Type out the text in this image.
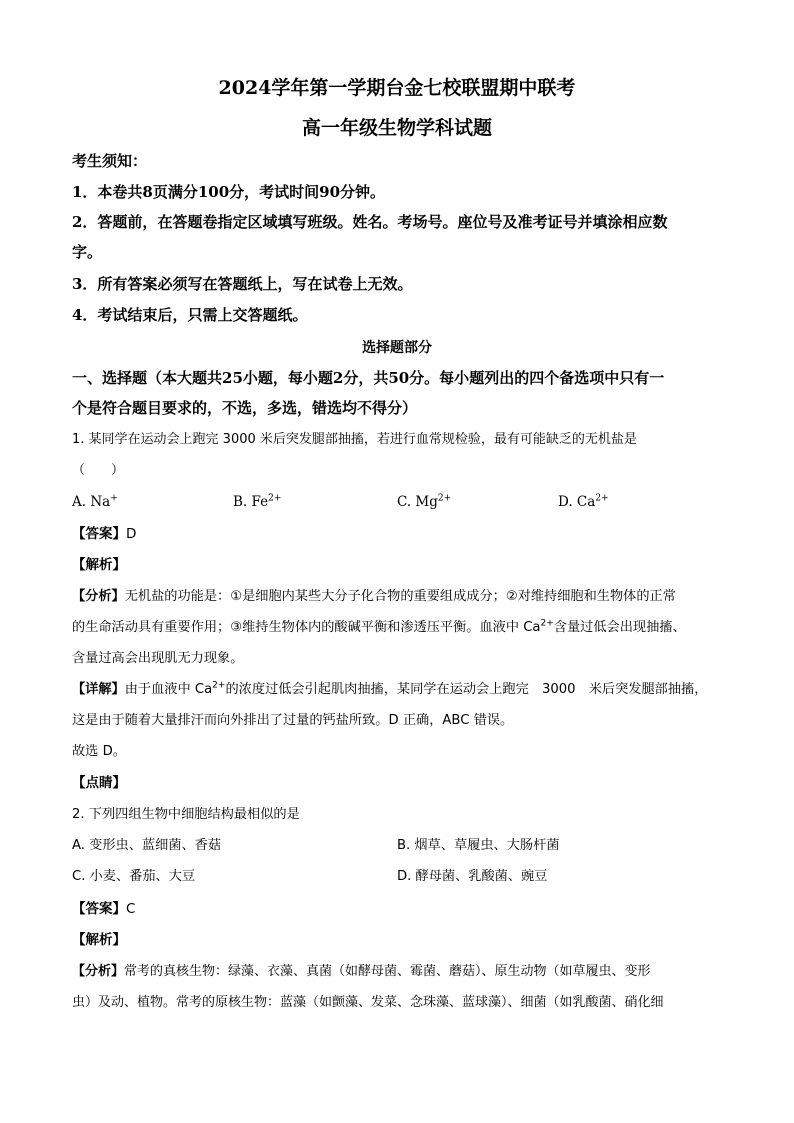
2024学年第一学期台金七校联盟期中联考
高一年级生物学科试题
考生须知：
1．本卷共8页满分100分，考试时间90分钟。
2．答题前，在答题卷指定区域填写班级。姓名。考场号。座位号及准考证号并填涂相应数
字。
3．所有答案必须写在答题纸上，写在试卷上无效。
4．考试结束后，只需上交答题纸。
选择题部分
一、选择题（本大题共25小题，每小题2分，共50分。每小题列出的四个备选项中只有一
个是符合题目要求的，不选，多选，错选均不得分）
1. 某同学在运动会上跑完 3000 米后突发腿部抽搐，若进行血常规检验，最有可能缺乏的无机盐是
（　　）
A. Na+	B. $Fe^{2+}$	C. $Mg^{2+}$	D. $Ca^{2+}$
【答案】D
【解析】
【分析】无机盐的功能是：①是细胞内某些大分子化合物的重要组成成分；②对维持细胞和生物体的正常
的生命活动具有重要作用；③维持生物体内的酸碱平衡和渗透压平衡。血液中 $Ca^{2+}$含量过低会出现抽搐、
含量过高会出现肌无力现象。
【详解】由于血液中 $Ca^{2+}$的浓度过低会引起肌肉抽搐，某同学在运动会上跑完　3000　米后突发腿部抽搐，
这是由于随着大量排汗而向外排出了过量的钙盐所致。D 正确，ABC 错误。
故选 D。
【点睛】
2. 下列四组生物中细胞结构最相似的是
A. 变形虫、蓝细菌、香菇	B. 烟草、草履虫、大肠杆菌
C. 小麦、番茄、大豆	D. 酵母菌、乳酸菌、豌豆
【答案】C
【解析】
【分析】常考的真核生物：绿藻、衣藻、真菌（如酵母菌、霉菌、蘑菇）、原生动物（如草履虫、变形
虫）及动、植物。常考的原核生物：蓝藻（如颤藻、发菜、念珠藻、蓝球藻）、细菌（如乳酸菌、硝化细
